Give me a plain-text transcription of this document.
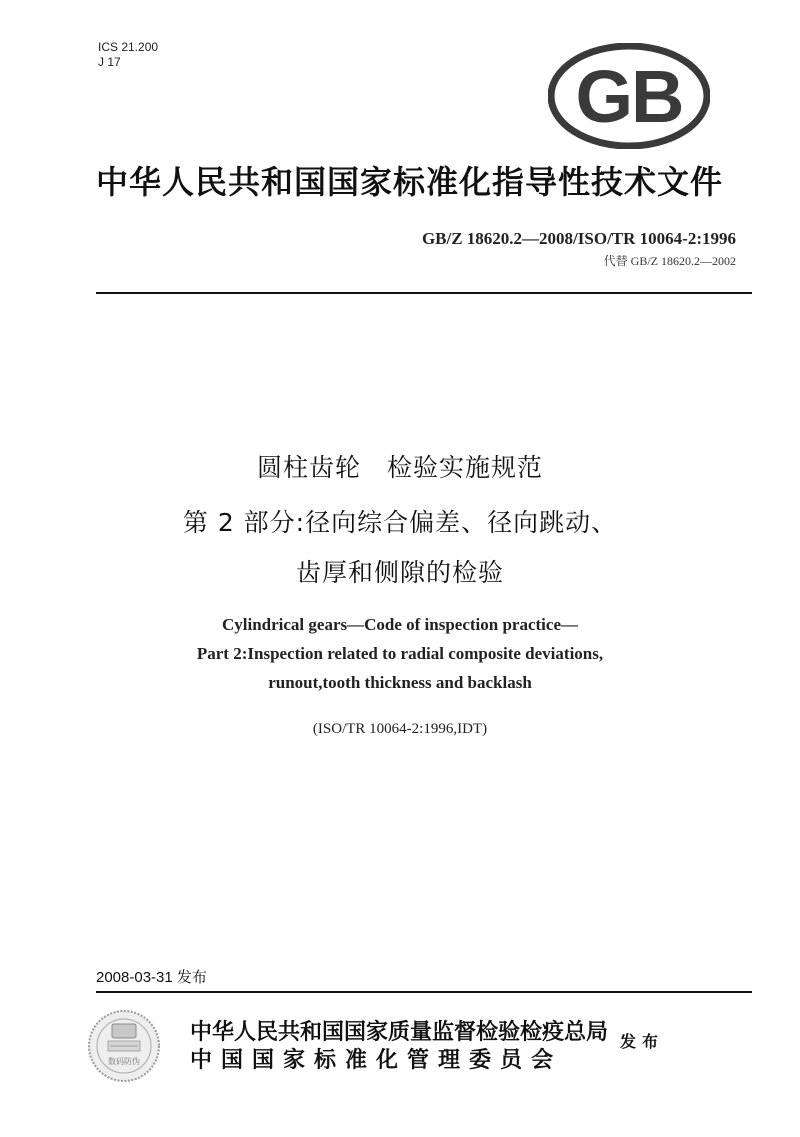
ICS 21.200
J 17	GB
中华人民共和国国家标准化指导性技术文件
GB/Z 18620.2—2008/ISO/TR 10064-2:1996
代替 GB/Z 18620.2—2002
圆柱齿轮　检验实施规范
第 2 部分:径向综合偏差、径向跳动、
齿厚和侧隙的检验
Cylindrical gears—Code of inspection practice—
Part 2:Inspection related to radial composite deviations,
runout,tooth thickness and backlash
(ISO/TR 10064-2:1996,IDT)
2008-03-31 发布
数码防伪
中华人民共和国国家质量监督检验检疫总局
中国国家标准化管理委员会
发布
